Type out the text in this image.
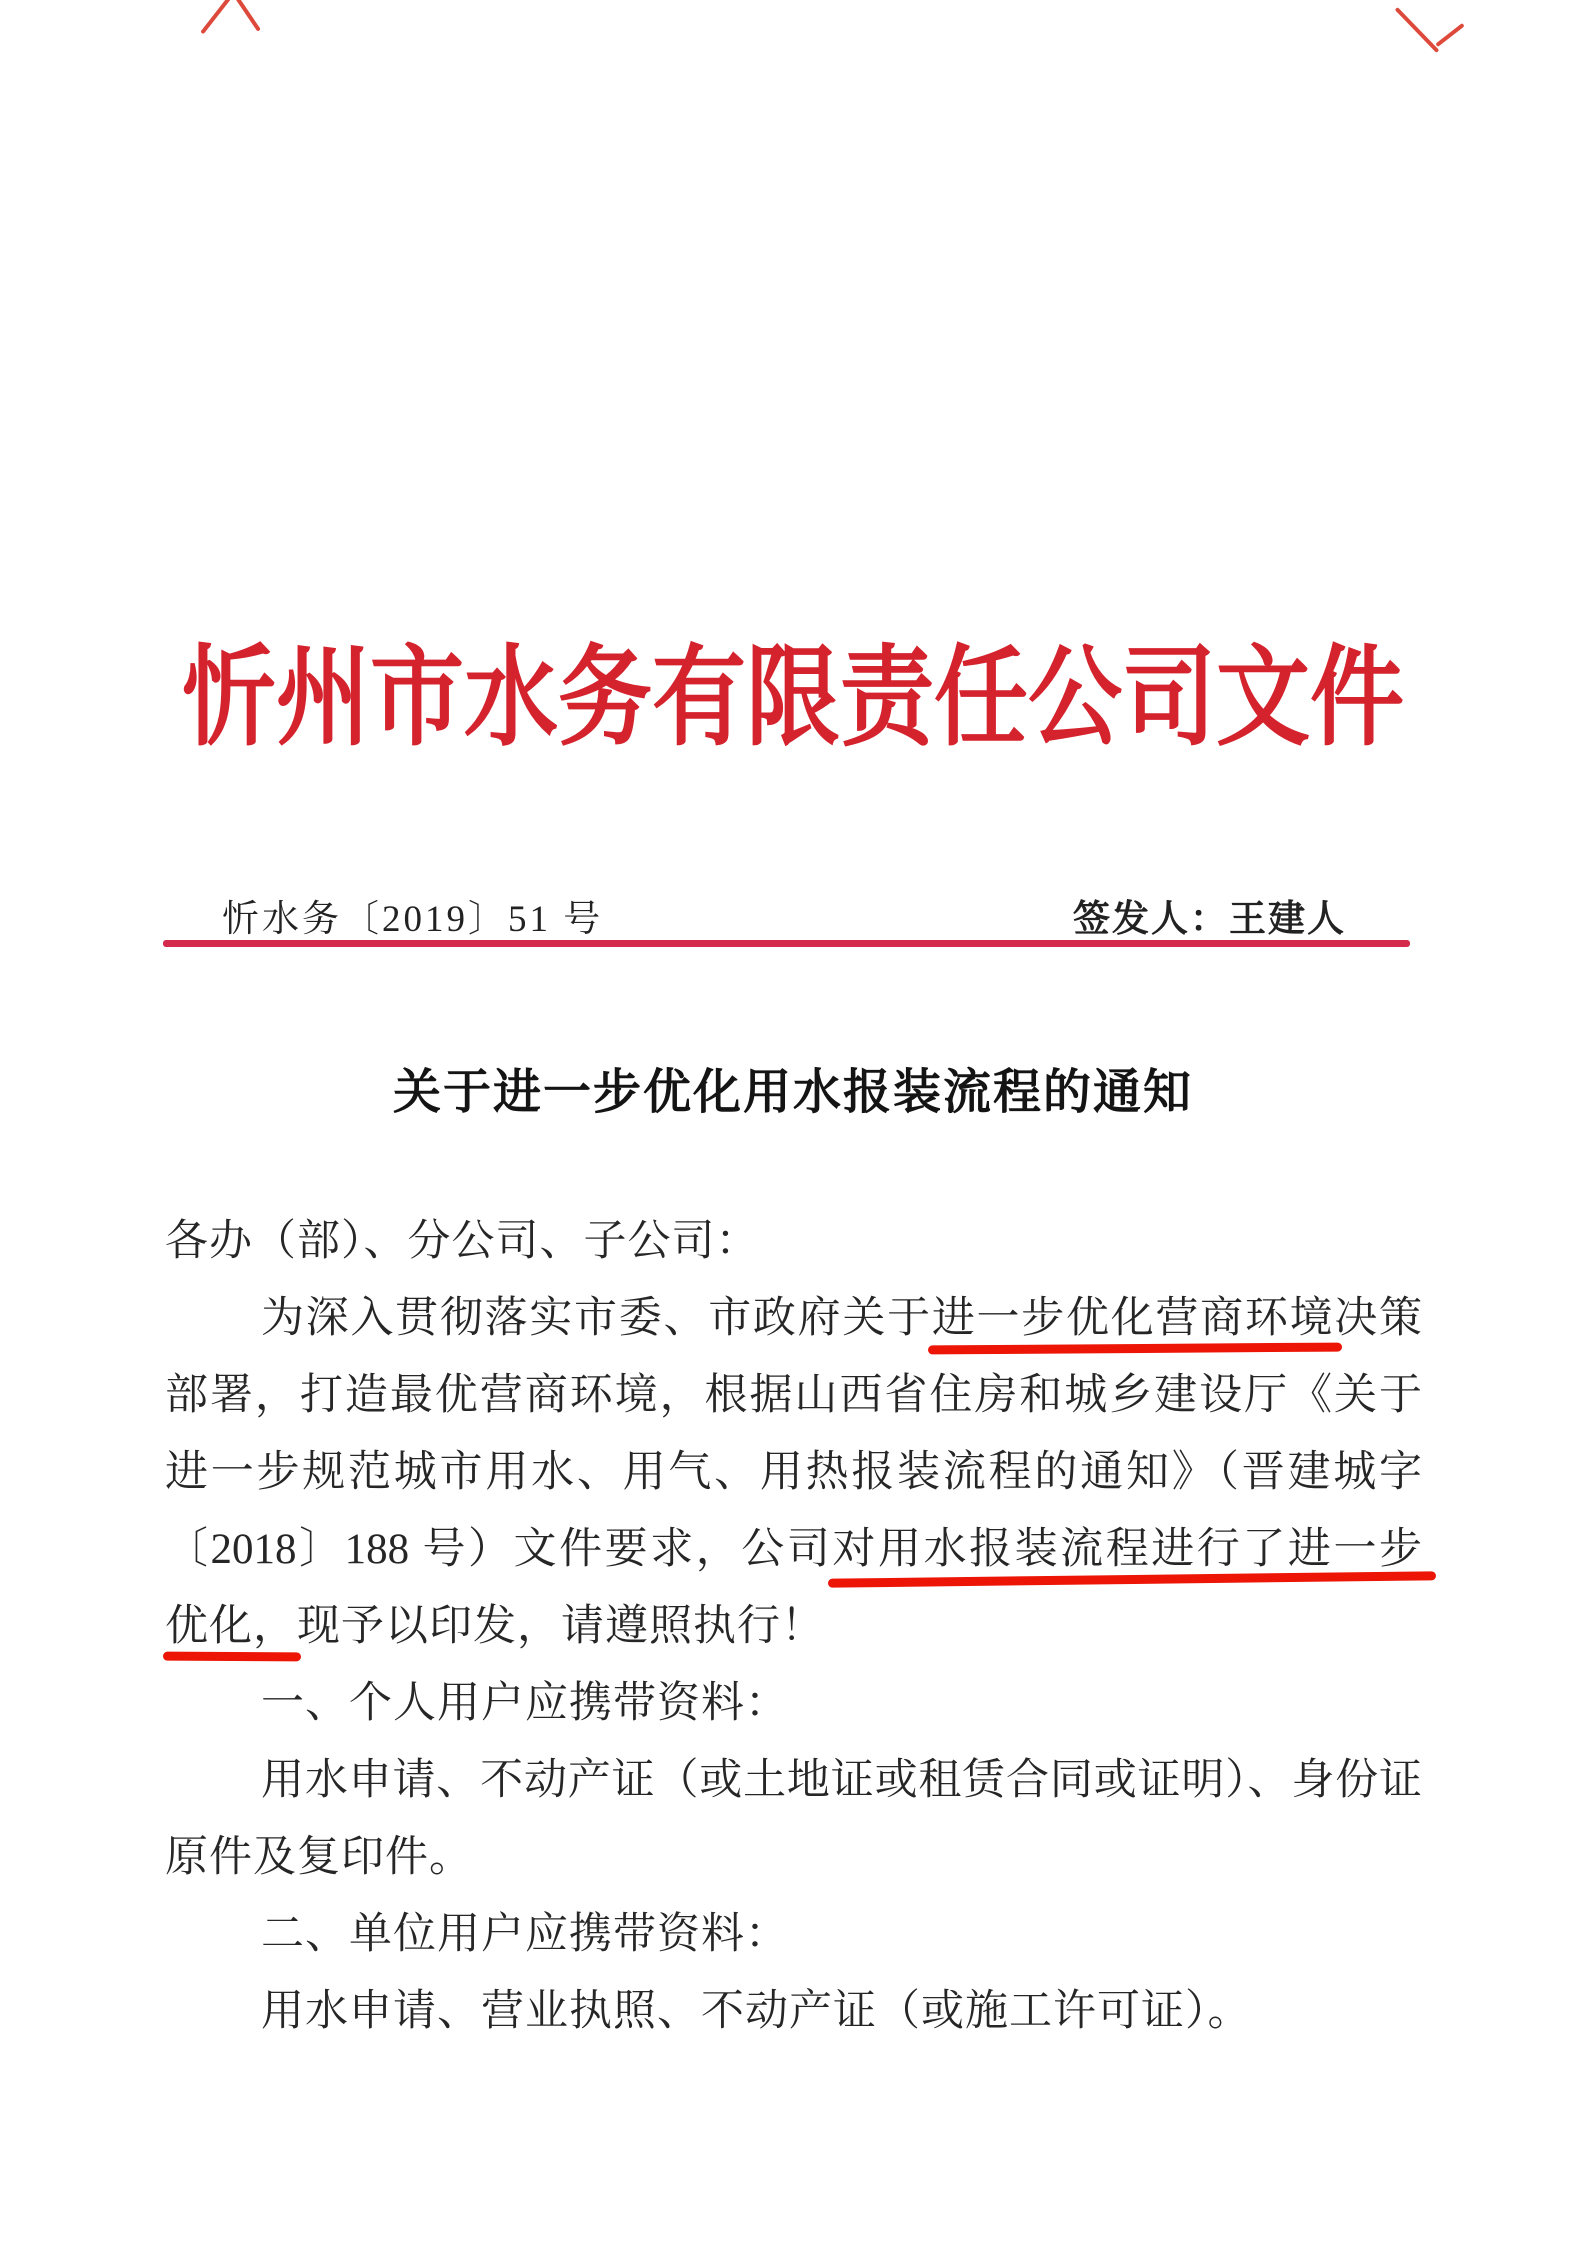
忻州市水务有限责任公司文件
忻水务〔2019〕51 号	签发人：王建人
关于进一步优化用水报装流程的通知
各办（部）、分公司、子公司：
为深入贯彻落实市委、市政府关于进一步优化营商环境决策
部署，打造最优营商环境，根据山西省住房和城乡建设厅《关于
进一步规范城市用水、用气、用热报装流程的通知》（晋建城字
〔2018〕188 号）文件要求，公司对用水报装流程进行了进一步
优化，现予以印发，请遵照执行！
一、个人用户应携带资料：
用水申请、不动产证（或土地证或租赁合同或证明）、身份证
原件及复印件。
二、单位用户应携带资料：
用水申请、营业执照、不动产证（或施工许可证）。
